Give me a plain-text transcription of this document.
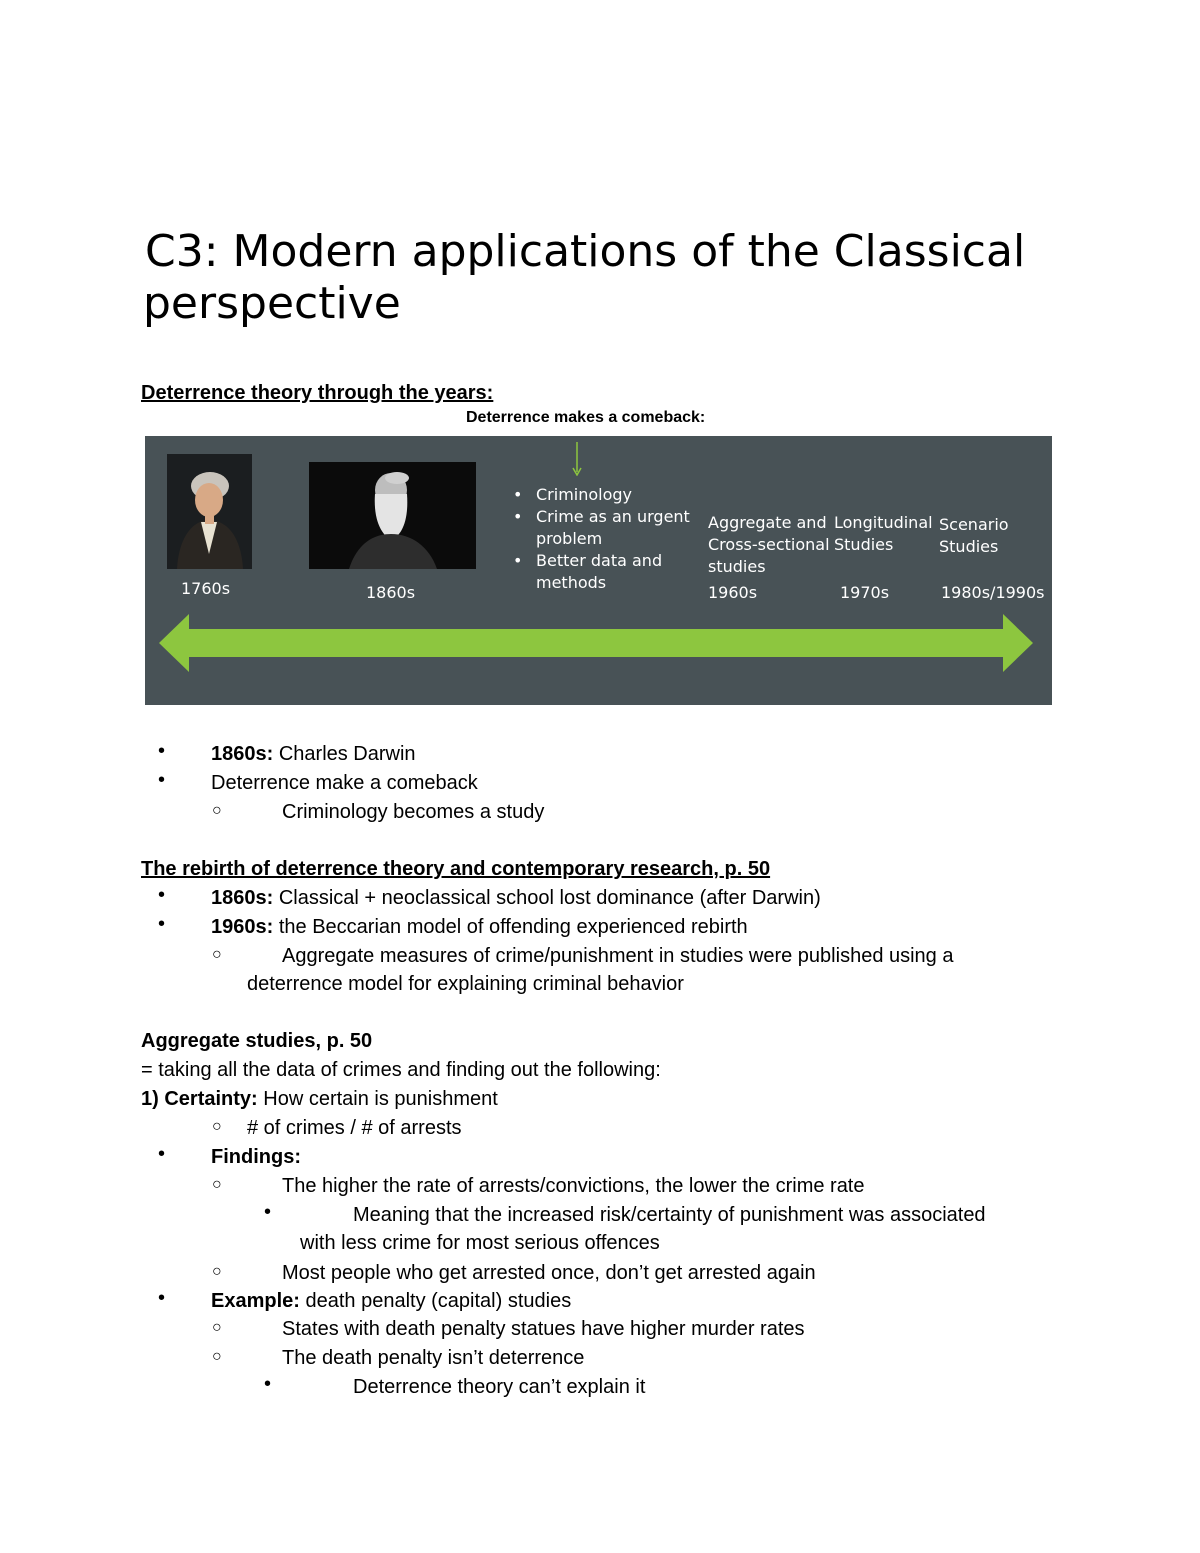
C3: Modern applications of the Classical
perspective
Deterrence theory through the years:
Deterrence makes a comeback:
• Criminology
• Crime as an urgent
problem
• Better data and
methods
Aggregate and
Cross-sectional
studies
Longitudinal
Studies
Scenario
Studies
1760s	1860s	1960s	1970s	1980s/1990s
• 1860s: Charles Darwin
• Deterrence make a comeback
○	Criminology becomes a study
The rebirth of deterrence theory and contemporary research, p. 50
• 1860s: Classical + neoclassical school lost dominance (after Darwin)
• 1960s: the Beccarian model of offending experienced rebirth
○	Aggregate measures of crime/punishment in studies were published using a
deterrence model for explaining criminal behavior
Aggregate studies, p. 50
= taking all the data of crimes and finding out the following:
1) Certainty: How certain is punishment
○ # of crimes / # of arrests
• Findings:
○	The higher the rate of arrests/convictions, the lower the crime rate
•	Meaning that the increased risk/certainty of punishment was associated
with less crime for most serious offences
○	Most people who get arrested once, don’t get arrested again
• Example: death penalty (capital) studies
○	States with death penalty statues have higher murder rates
○	The death penalty isn’t deterrence
•	Deterrence theory can’t explain it
